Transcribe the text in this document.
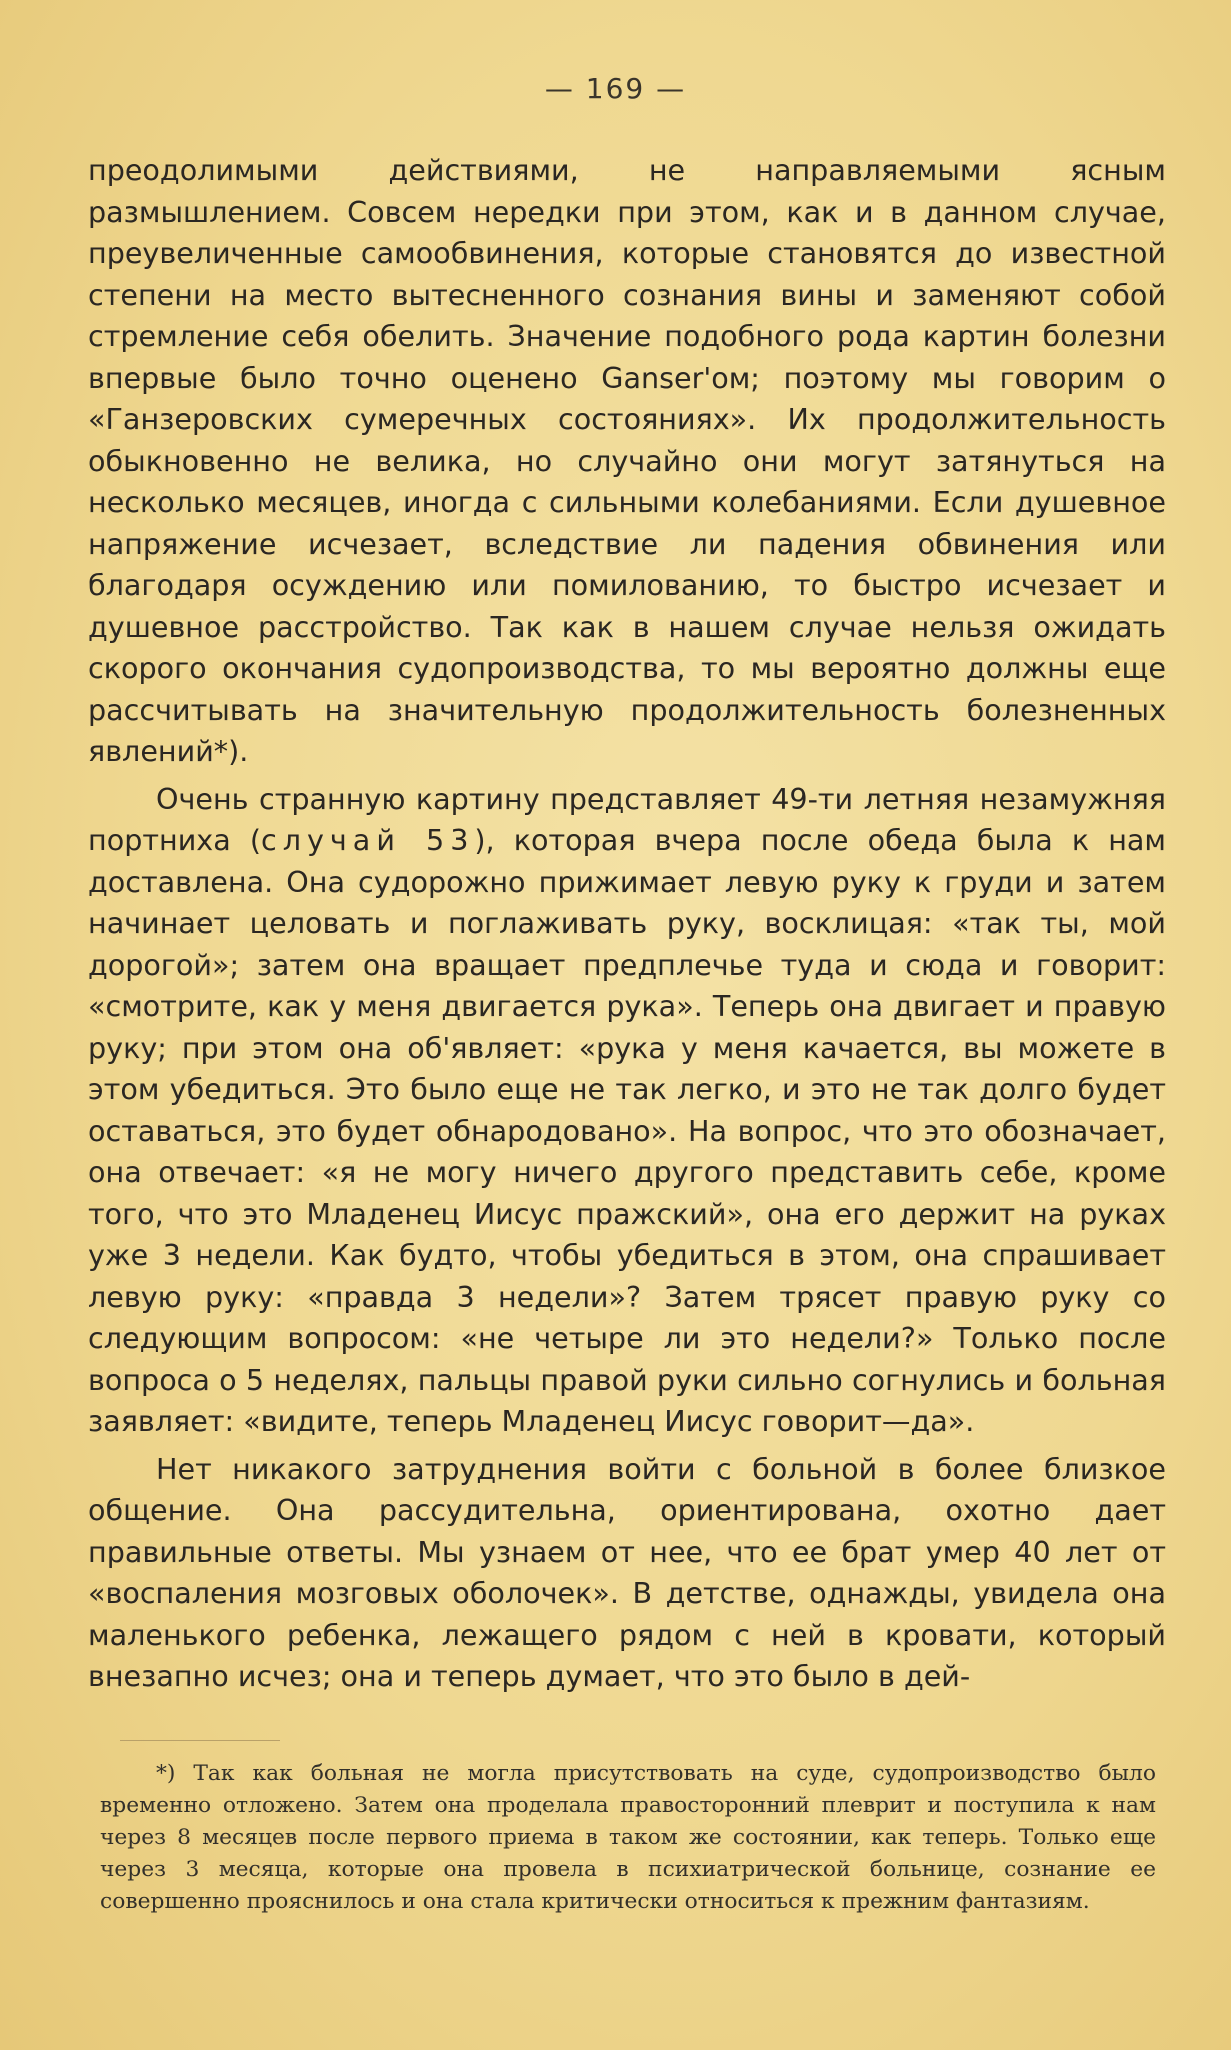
— 169 —

преодолимыми действиями, не направляемыми ясным размышлением. Совсем нередки при этом, как и в данном случае, преувеличенные самообвинения, которые становятся до известной степени на место вытесненного сознания вины и заменяют собой стремление себя обелить. Значение подобного рода картин болезни впервые было точно оценено Ganser'ом; поэтому мы говорим о «Ганзеровских сумеречных состояниях». Их продолжительность обыкновенно не велика, но случайно они могут затянуться на несколько месяцев, иногда с сильными колебаниями. Если душевное напряжение исчезает, вследствие ли падения обвинения или благодаря осуждению или помилованию, то быстро исчезает и душевное расстройство. Так как в нашем случае нельзя ожидать скорого окончания судопроизводства, то мы вероятно должны еще рассчитывать на значительную продолжительность болезненных явлений*).

Очень странную картину представляет 49-ти летняя незамужняя портниха (случай 53), которая вчера после обеда была к нам доставлена. Она судорожно прижимает левую руку к груди и затем начинает целовать и поглаживать руку, восклицая: «так ты, мой дорогой»; затем она вращает предплечье туда и сюда и говорит: «смотрите, как у меня двигается рука». Теперь она двигает и правую руку; при этом она об'являет: «рука у меня качается, вы можете в этом убедиться. Это было еще не так легко, и это не так долго будет оставаться, это будет обнародовано». На вопрос, что это обозначает, она отвечает: «я не могу ничего другого представить себе, кроме того, что это Младенец Иисус пражский», она его держит на руках уже 3 недели. Как будто, чтобы убедиться в этом, она спрашивает левую руку: «правда 3 недели»? Затем трясет правую руку со следующим вопросом: «не четыре ли это недели?» Только после вопроса о 5 неделях, пальцы правой руки сильно согнулись и больная заявляет: «видите, теперь Младенец Иисус говорит—да».

Нет никакого затруднения войти с больной в более близкое общение. Она рассудительна, ориентирована, охотно дает правильные ответы. Мы узнаем от нее, что ее брат умер 40 лет от «воспаления мозговых оболочек». В детстве, однажды, увидела она маленького ребенка, лежащего рядом с ней в кровати, который внезапно исчез; она и теперь думает, что это было в дей-

*) Так как больная не могла присутствовать на суде, судопроизводство было временно отложено. Затем она проделала правосторонний плеврит и поступила к нам через 8 месяцев после первого приема в таком же состоянии, как теперь. Только еще через 3 месяца, которые она провела в психиатрической больнице, сознание ее совершенно прояснилось и она стала критически относиться к прежним фантазиям.
